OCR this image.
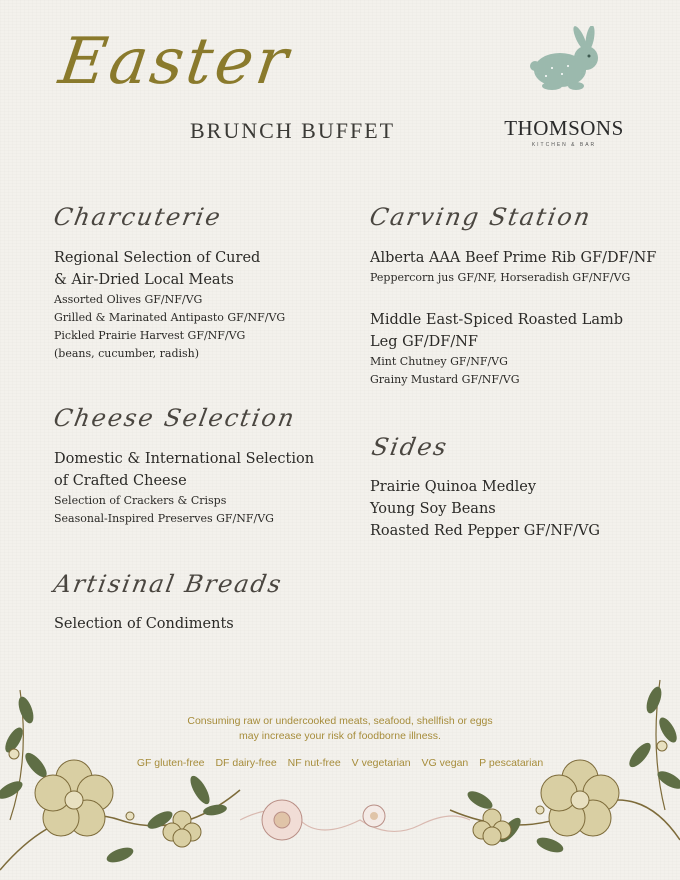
Easter
BRUNCH BUFFET	THOMSONS
KITCHEN & BAR
Charcuterie
Regional Selection of Cured
& Air-Dried Local Meats
Assorted Olives GF/NF/VG
Grilled & Marinated Antipasto GF/NF/VG
Pickled Prairie Harvest GF/NF/VG
(beans, cucumber, radish)
Cheese Selection
Domestic & International Selection
of Crafted Cheese
Selection of Crackers & Crisps
Seasonal-Inspired Preserves GF/NF/VG
Artisinal Breads
Selection of Condiments
Carving Station
Alberta AAA Beef Prime Rib GF/DF/NF
Peppercorn jus GF/NF, Horseradish GF/NF/VG
Middle East-Spiced Roasted Lamb
Leg GF/DF/NF
Mint Chutney GF/NF/VG
Grainy Mustard GF/NF/VG
Sides
Prairie Quinoa Medley
Young Soy Beans
Roasted Red Pepper GF/NF/VG
Consuming raw or undercooked meats, seafood, shellfish or eggs
may increase your risk of foodborne illness.
GF gluten-free DF dairy-free NF nut-free V vegetarian VG vegan P pescatarian
